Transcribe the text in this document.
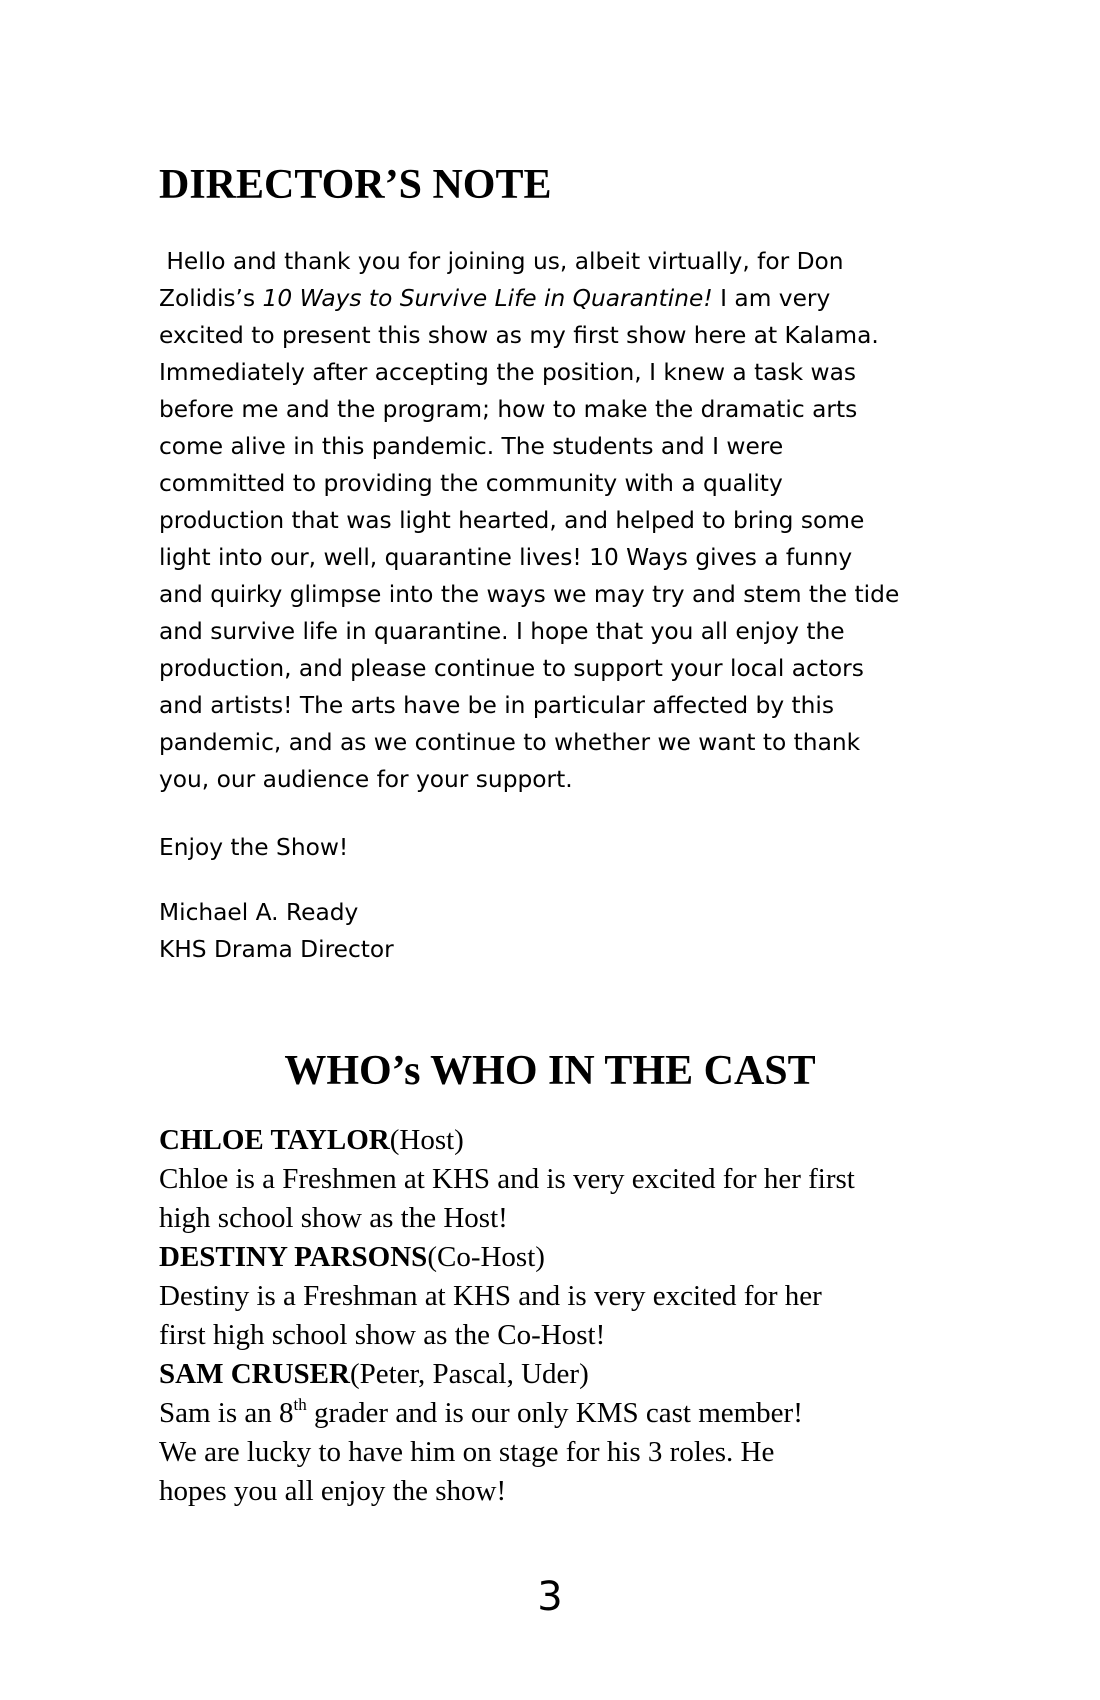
DIRECTOR’S NOTE

Hello and thank you for joining us, albeit virtually, for Don
Zolidis’s 10 Ways to Survive Life in Quarantine! I am very
excited to present this show as my first show here at Kalama.
Immediately after accepting the position, I knew a task was
before me and the program; how to make the dramatic arts
come alive in this pandemic. The students and I were
committed to providing the community with a quality
production that was light hearted, and helped to bring some
light into our, well, quarantine lives! 10 Ways gives a funny
and quirky glimpse into the ways we may try and stem the tide
and survive life in quarantine. I hope that you all enjoy the
production, and please continue to support your local actors
and artists! The arts have be in particular affected by this
pandemic, and as we continue to whether we want to thank
you, our audience for your support.

Enjoy the Show!

Michael A. Ready
KHS Drama Director

WHO’s WHO IN THE CAST
CHLOE TAYLOR(Host)
Chloe is a Freshmen at KHS and is very excited for her first
high school show as the Host!
DESTINY PARSONS(Co-Host)
Destiny is a Freshman at KHS and is very excited for her
first high school show as the Co-Host!
SAM CRUSER(Peter, Pascal, Uder)
Sam is an 8th grader and is our only KMS cast member!
We are lucky to have him on stage for his 3 roles. He
hopes you all enjoy the show!

3
